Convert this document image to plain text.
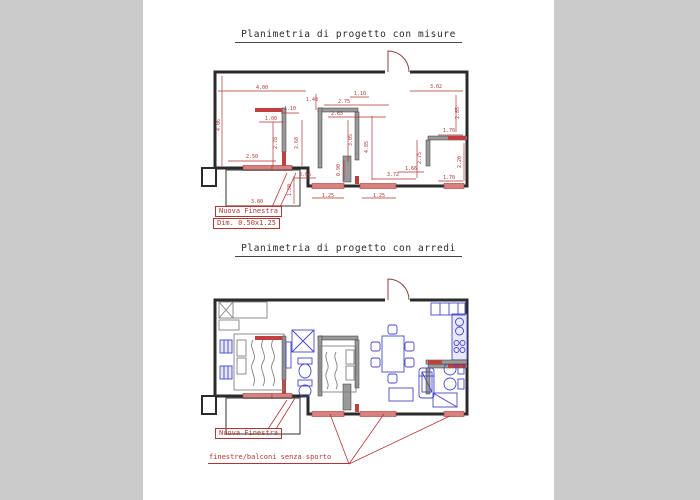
Planimetria di progetto con misure
Planimetria di progetto con arredi
4.00
1.48
1.10
2.75
2.65
1.10
3.02
4.06
2.85
1.00
2.78	2.68	3.05
4.85
1.70
2.75	2.20
1.66
3.72	1.70
2.50
3.66	0.90
1.80
3.80
1.25	1.25
Nuova Finestra
Dim. 0.50x1.25
Nuova Finestra
finestre/balconi senza sporto
